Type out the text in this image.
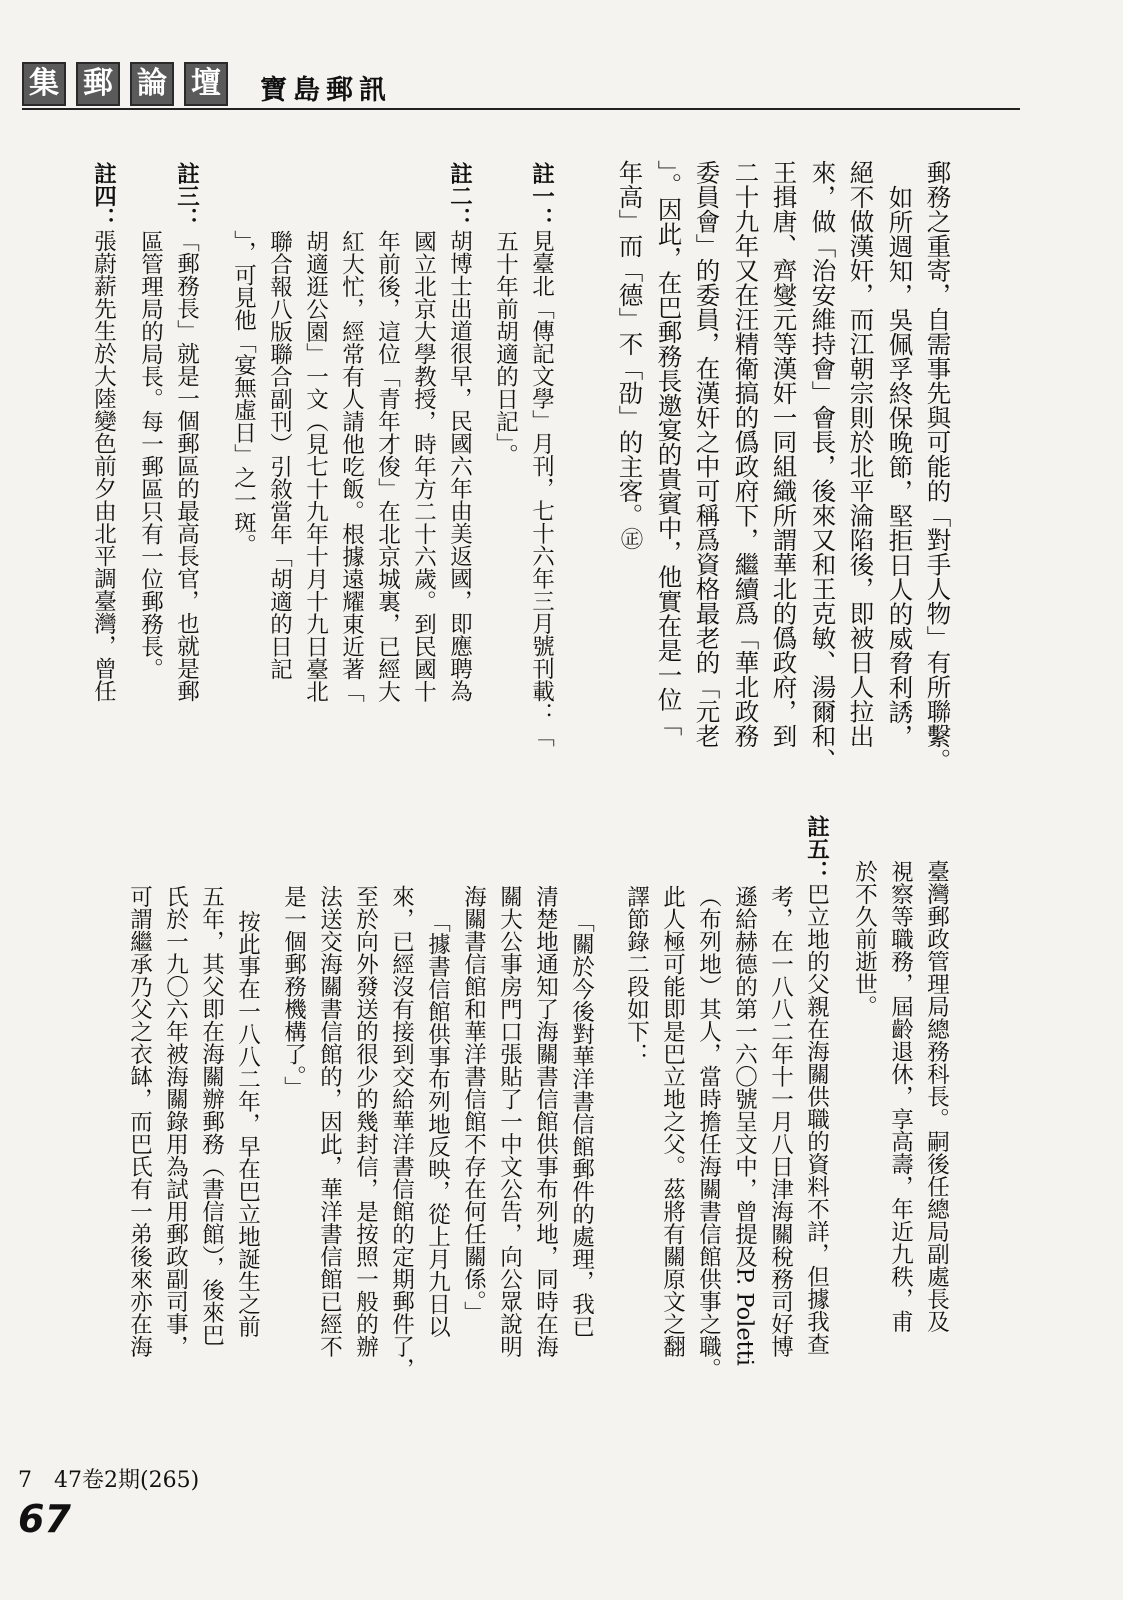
集 郵 論 壇 寶島郵訊
郵務之重寄，自需事先與可能的「對手人物」有所聯繫。
如所週知，吳佩孚終保晚節，堅拒日人的威脅利誘，
絕不做漢奸，而江朝宗則於北平淪陷後，即被日人拉出
來，做「治安維持會」會長，後來又和王克敏、湯爾和、
王揖唐、齊燮元等漢奸一同組織所謂華北的僞政府，到
二十九年又在汪精衛搞的僞政府下，繼續爲「華北政務
委員會」的委員，在漢奸之中可稱爲資格最老的「元老
」。因此，在巴郵務長邀宴的貴賓中，他實在是一位「
年高」而「德」不「劭」的主客。㊣
註一：見臺北「傳記文學」月刊，七十六年三月號刊載：「
五十年前胡適的日記」。
註二：胡博士出道很早，民國六年由美返國，即應聘為
國立北京大學教授，時年方二十六歲。到民國十
年前後，這位「青年才俊」在北京城裏，已經大
紅大忙，經常有人請他吃飯。根據遠耀東近著「
胡適逛公園」一文（見七十九年十月十九日臺北
聯合報八版聯合副刊）引敘當年「胡適的日記
」，可見他「宴無虛日」之一斑。
註三：「郵務長」就是一個郵區的最高長官，也就是郵
區管理局的局長。每一郵區只有一位郵務長。
註四：張蔚薪先生於大陸變色前夕由北平調臺灣，曾任
臺灣郵政管理局總務科長。嗣後任總局副處長及
視察等職務，屆齡退休，享高壽，年近九秩，甫
於不久前逝世。
註五：巴立地的父親在海關供職的資料不詳，但據我查
考，在一八八二年十一月八日津海關稅務司好博
遜給赫德的第一六〇號呈文中，曾提及P. Poletti
（布列地）其人，當時擔任海關書信館供事之職。
此人極可能即是巴立地之父。茲將有關原文之翻
譯節錄二段如下：
「關於今後對華洋書信館郵件的處理，我已
清楚地通知了海關書信館供事布列地，同時在海
關大公事房門口張貼了一中文公告，向公眾說明
海關書信館和華洋書信館不存在何任關係。」
「據書信館供事布列地反映，從上月九日以
來，已經沒有接到交給華洋書信館的定期郵件了，
至於向外發送的很少的幾封信，是按照一般的辦
法送交海關書信館的，因此，華洋書信館已經不
是一個郵務機構了。」
按此事在一八八二年，早在巴立地誕生之前
五年，其父即在海關辦郵務（書信館），後來巴
氏於一九〇六年被海關錄用為試用郵政副司事，
可謂繼承乃父之衣缽，而巴氏有一弟後來亦在海
7　47卷2期(265)
67
